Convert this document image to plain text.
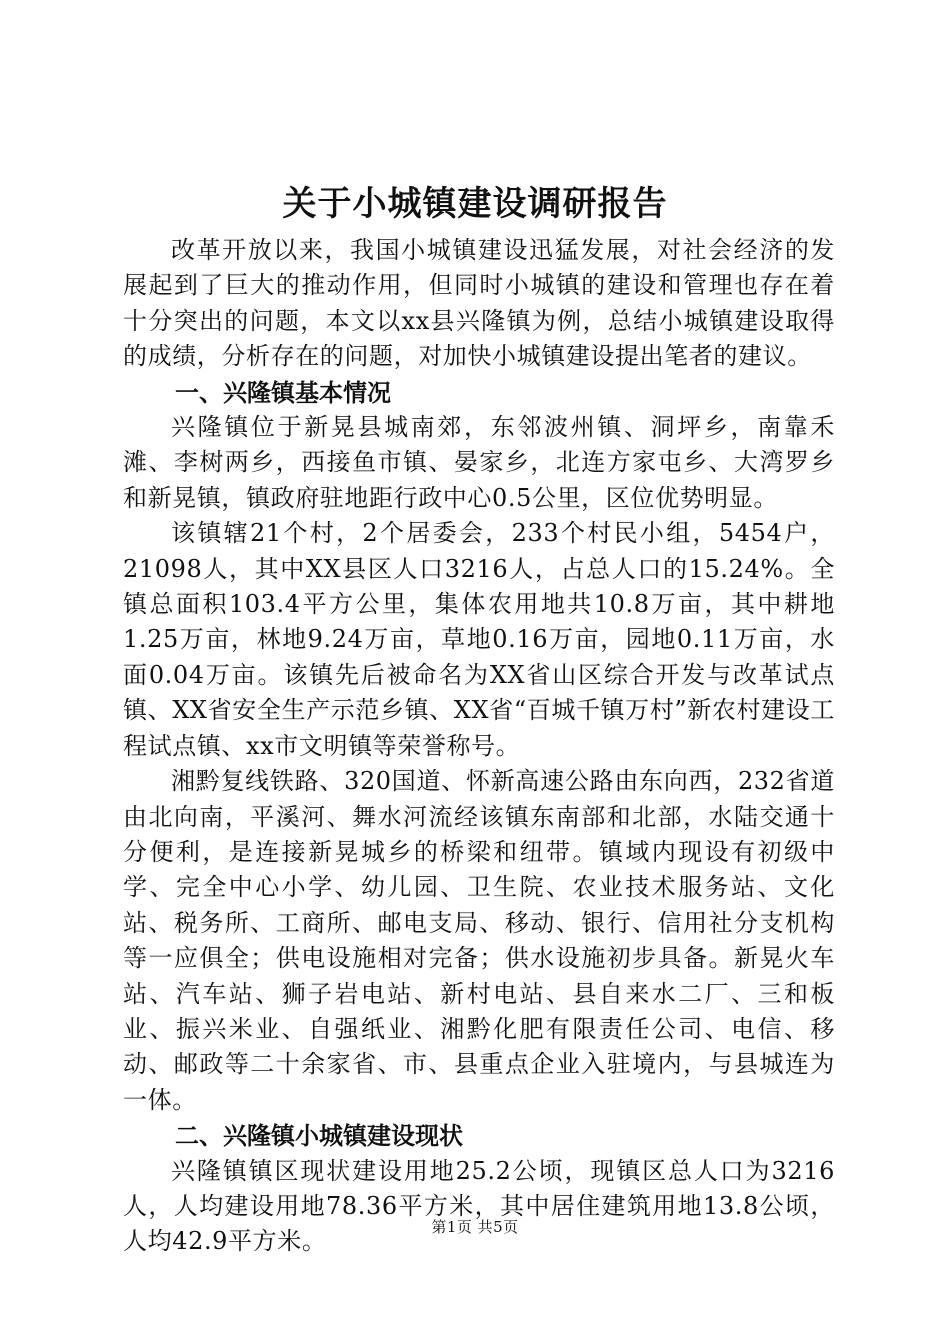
关于小城镇建设调研报告

改革开放以来，我国小城镇建设迅猛发展，对社会经济的发展起到了巨大的推动作用，但同时小城镇的建设和管理也存在着十分突出的问题，本文以xx县兴隆镇为例，总结小城镇建设取得的成绩，分析存在的问题，对加快小城镇建设提出笔者的建议。

一、兴隆镇基本情况

兴隆镇位于新晃县城南郊，东邻波州镇、洞坪乡，南靠禾滩、李树两乡，西接鱼市镇、晏家乡，北连方家屯乡、大湾罗乡和新晃镇，镇政府驻地距行政中心0.5公里，区位优势明显。

该镇辖21个村，2个居委会，233个村民小组，5454户，21098人，其中XX县区人口3216人，占总人口的15.24%。全镇总面积103.4平方公里，集体农用地共10.8万亩，其中耕地1.25万亩，林地9.24万亩，草地0.16万亩，园地0.11万亩，水面0.04万亩。该镇先后被命名为XX省山区综合开发与改革试点镇、XX省安全生产示范乡镇、XX省“百城千镇万村”新农村建设工程试点镇、xx市文明镇等荣誉称号。

湘黔复线铁路、320国道、怀新高速公路由东向西，232省道由北向南，平溪河、舞水河流经该镇东南部和北部，水陆交通十分便利，是连接新晃城乡的桥梁和纽带。镇域内现设有初级中学、完全中心小学、幼儿园、卫生院、农业技术服务站、文化站、税务所、工商所、邮电支局、移动、银行、信用社分支机构等一应俱全；供电设施相对完备；供水设施初步具备。新晃火车站、汽车站、狮子岩电站、新村电站、县自来水二厂、三和板业、振兴米业、自强纸业、湘黔化肥有限责任公司、电信、移动、邮政等二十余家省、市、县重点企业入驻境内，与县城连为一体。

二、兴隆镇小城镇建设现状

兴隆镇镇区现状建设用地25.2公顷，现镇区总人口为3216人，人均建设用地78.36平方米，其中居住建筑用地13.8公顷，人均42.9平方米。

第1页 共5页
